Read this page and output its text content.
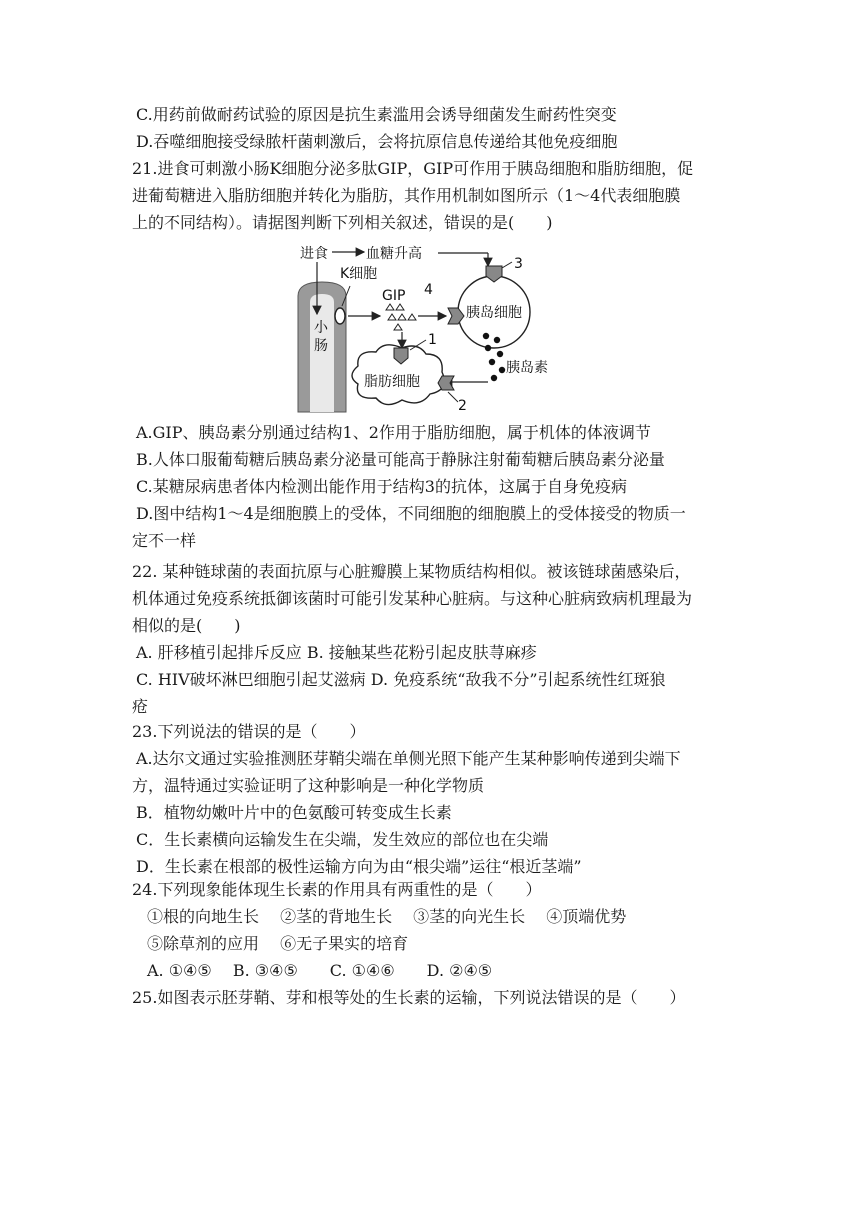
C.用药前做耐药试验的原因是抗生素滥用会诱导细菌发生耐药性突变
D.吞噬细胞接受绿脓杆菌刺激后，会将抗原信息传递给其他免疫细胞
21.进食可刺激小肠K细胞分泌多肽GIP，GIP可作用于胰岛细胞和脂肪细胞，促
进葡萄糖进入脂肪细胞并转化为脂肪，其作用机制如图所示（1～4代表细胞膜
上的不同结构）。请据图判断下列相关叙述，错误的是(　　)
小
肠
K细胞
进食	血糖升高
GIP 4
胰岛细胞
3
胰岛素
脂肪细胞
1
2
A.GIP、胰岛素分别通过结构1、2作用于脂肪细胞，属于机体的体液调节
B.人体口服葡萄糖后胰岛素分泌量可能高于静脉注射葡萄糖后胰岛素分泌量
C.某糖尿病患者体内检测出能作用于结构3的抗体，这属于自身免疫病
D.图中结构1～4是细胞膜上的受体，不同细胞的细胞膜上的受体接受的物质一
定不一样
22. 某种链球菌的表面抗原与心脏瓣膜上某物质结构相似。被该链球菌感染后，
机体通过免疫系统抵御该菌时可能引发某种心脏病。与这种心脏病致病机理最为
相似的是(　　)
A. 肝移植引起排斥反应 B. 接触某些花粉引起皮肤荨麻疹
C. HIV破坏淋巴细胞引起艾滋病 D. 免疫系统“敌我不分”引起系统性红斑狼
疮
23.下列说法的错误的是（　　）
A.达尔文通过实验推测胚芽鞘尖端在单侧光照下能产生某种影响传递到尖端下
方，温特通过实验证明了这种影响是一种化学物质
B．植物幼嫩叶片中的色氨酸可转变成生长素
C．生长素横向运输发生在尖端，发生效应的部位也在尖端
D．生长素在根部的极性运输方向为由“根尖端”运往“根近茎端”
24.下列现象能体现生长素的作用具有两重性的是（　　）
①根的向地生长　 ②茎的背地生长　 ③茎的向光生长　 ④顶端优势
⑤除草剂的应用　 ⑥无子果实的培育
A. ①④⑤　 B. ③④⑤　　C. ①④⑥　　D. ②④⑤
25.如图表示胚芽鞘、芽和根等处的生长素的运输，下列说法错误的是（　　）
